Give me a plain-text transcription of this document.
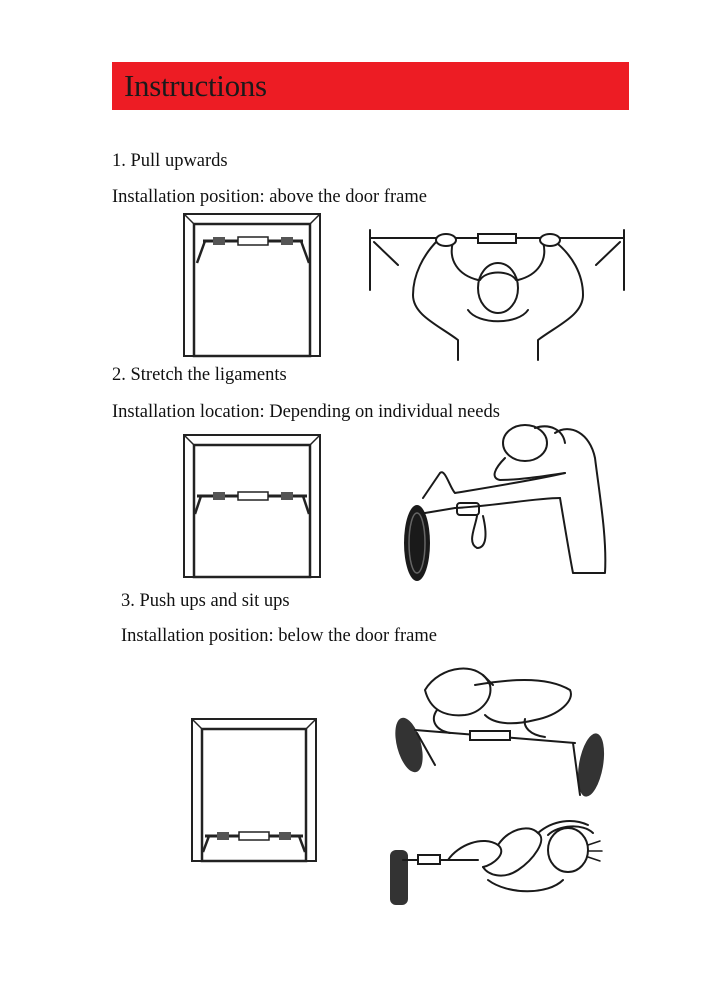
Instructions
1. Pull upwards
Installation position: above the door frame
2. Stretch the ligaments
Installation location: Depending on individual needs
3. Push ups and sit ups
Installation position: below the door frame
